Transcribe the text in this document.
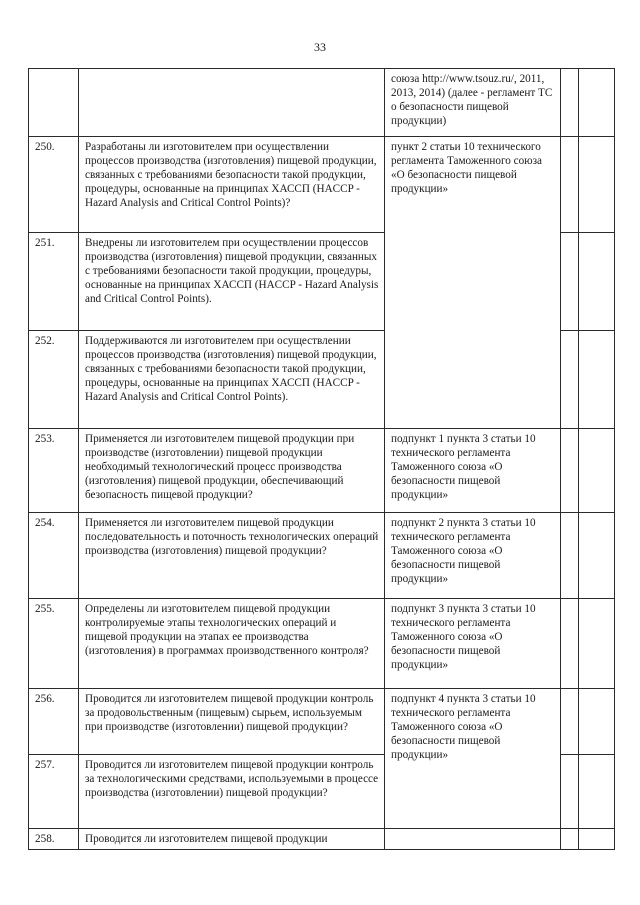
33
		союза http://www.tsouz.ru/, 2011, 2013, 2014) (далее - регламент ТС о безопасности пищевой продукции)		
250.	Разработаны ли изготовителем при осуществлении процессов производства (изготовления) пищевой продукции, связанных с требованиями безопасности такой продукции, процедуры, основанные на принципах ХАССП (HACCP - Hazard Analysis and Critical Control Points)?	пункт 2 статьи 10 технического регламента Таможенного союза «О безопасности пищевой продукции»		
251.	Внедрены ли изготовителем при осуществлении процессов производства (изготовления) пищевой продукции, связанных с требованиями безопасности такой продукции, процедуры, основанные на принципах ХАССП (HACCP - Hazard Analysis and Critical Control Points).			
252.	Поддерживаются ли изготовителем при осуществлении процессов производства (изготовления) пищевой продукции, связанных с требованиями безопасности такой продукции, процедуры, основанные на принципах ХАССП (HACCP - Hazard Analysis and Critical Control Points).			
253.	Применяется ли изготовителем пищевой продукции при производстве (изготовлении) пищевой продукции необходимый технологический процесс производства (изготовления) пищевой продукции, обеспечивающий безопасность пищевой продукции?	подпункт 1 пункта 3 статьи 10 технического регламента Таможенного союза «О безопасности пищевой продукции»		
254.	Применяется ли изготовителем пищевой продукции последовательность и поточность технологических операций производства (изготовления) пищевой продукции?	подпункт 2 пункта 3 статьи 10 технического регламента Таможенного союза «О безопасности пищевой продукции»		
255.	Определены ли изготовителем пищевой продукции контролируемые этапы технологических операций и пищевой продукции на этапах ее производства (изготовления) в программах производственного контроля?	подпункт 3 пункта 3 статьи 10 технического регламента Таможенного союза «О безопасности пищевой продукции»		
256.	Проводится ли изготовителем пищевой продукции контроль за продовольственным (пищевым) сырьем, используемым при производстве (изготовлении) пищевой продукции?	подпункт 4 пункта 3 статьи 10 технического регламента Таможенного союза «О безопасности пищевой продукции»		
257.	Проводится ли изготовителем пищевой продукции контроль за технологическими средствами, используемыми в процессе производства (изготовлении) пищевой продукции?			
258.	Проводится ли изготовителем пищевой продукции			
